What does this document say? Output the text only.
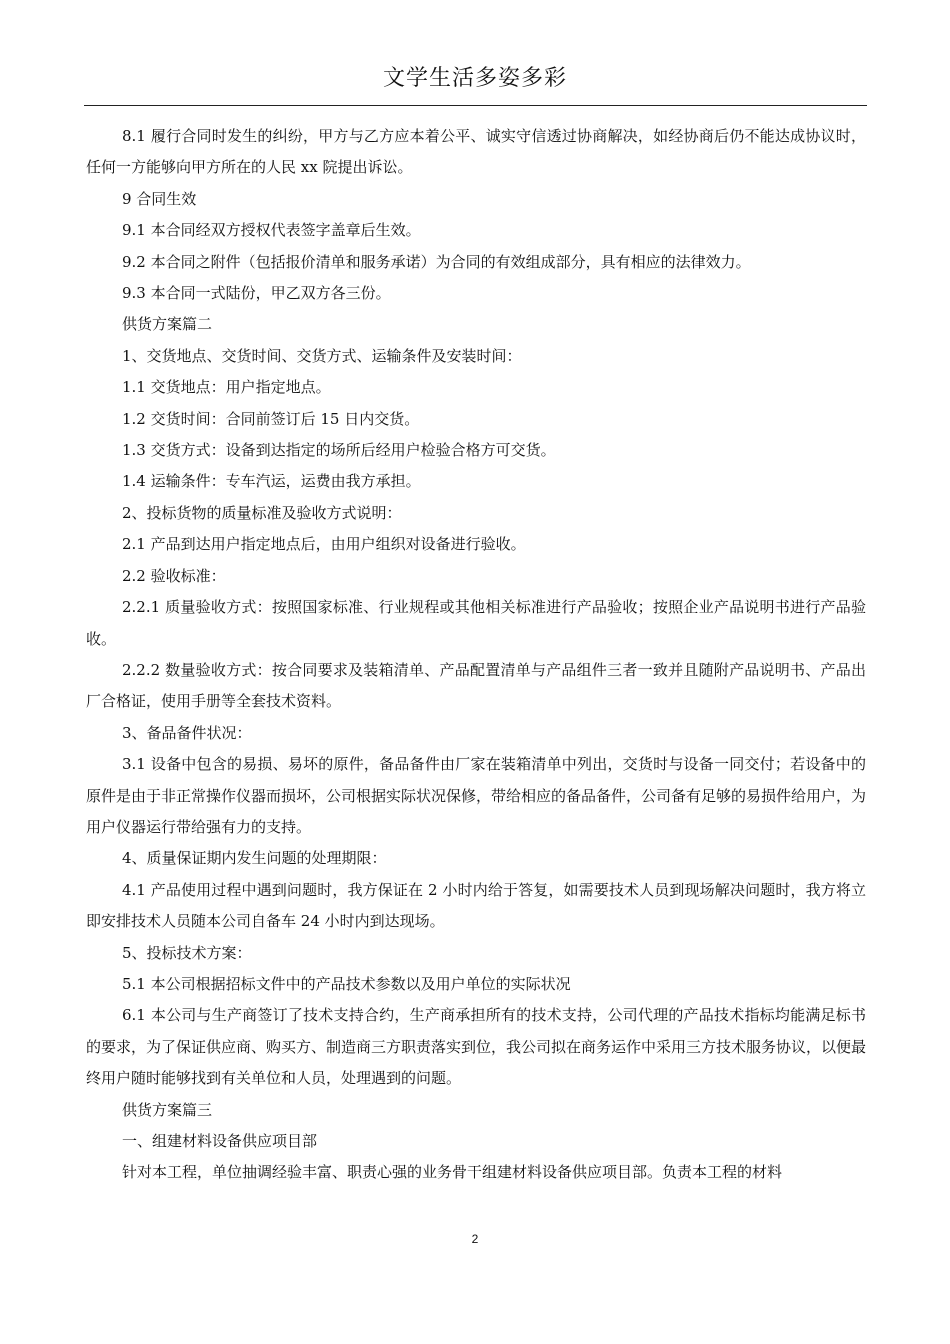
文学生活多姿多彩

8.1 履行合同时发生的纠纷，甲方与乙方应本着公平、诚实守信透过协商解决，如经协商后仍不能达成协议时，任何一方能够向甲方所在的人民 xx 院提出诉讼。

9 合同生效

9.1 本合同经双方授权代表签字盖章后生效。

9.2 本合同之附件（包括报价清单和服务承诺）为合同的有效组成部分，具有相应的法律效力。

9.3 本合同一式陆份，甲乙双方各三份。

供货方案篇二

1、交货地点、交货时间、交货方式、运输条件及安装时间：

1.1 交货地点：用户指定地点。

1.2 交货时间：合同前签订后 15 日内交货。

1.3 交货方式：设备到达指定的场所后经用户检验合格方可交货。

1.4 运输条件：专车汽运，运费由我方承担。

2、投标货物的质量标准及验收方式说明：

2.1 产品到达用户指定地点后，由用户组织对设备进行验收。

2.2 验收标准：

2.2.1 质量验收方式：按照国家标准、行业规程或其他相关标准进行产品验收；按照企业产品说明书进行产品验收。

2.2.2 数量验收方式：按合同要求及装箱清单、产品配置清单与产品组件三者一致并且随附产品说明书、产品出厂合格证，使用手册等全套技术资料。

3、备品备件状况：

3.1 设备中包含的易损、易坏的原件，备品备件由厂家在装箱清单中列出，交货时与设备一同交付；若设备中的原件是由于非正常操作仪器而损坏，公司根据实际状况保修，带给相应的备品备件，公司备有足够的易损件给用户，为用户仪器运行带给强有力的支持。

4、质量保证期内发生问题的处理期限：

4.1 产品使用过程中遇到问题时，我方保证在 2 小时内给于答复，如需要技术人员到现场解决问题时，我方将立即安排技术人员随本公司自备车 24 小时内到达现场。

5、投标技术方案：

5.1 本公司根据招标文件中的产品技术参数以及用户单位的实际状况

6.1 本公司与生产商签订了技术支持合约，生产商承担所有的技术支持，公司代理的产品技术指标均能满足标书的要求，为了保证供应商、购买方、制造商三方职责落实到位，我公司拟在商务运作中采用三方技术服务协议，以便最终用户随时能够找到有关单位和人员，处理遇到的问题。

供货方案篇三

一、组建材料设备供应项目部

针对本工程，单位抽调经验丰富、职责心强的业务骨干组建材料设备供应项目部。负责本工程的材料

2
